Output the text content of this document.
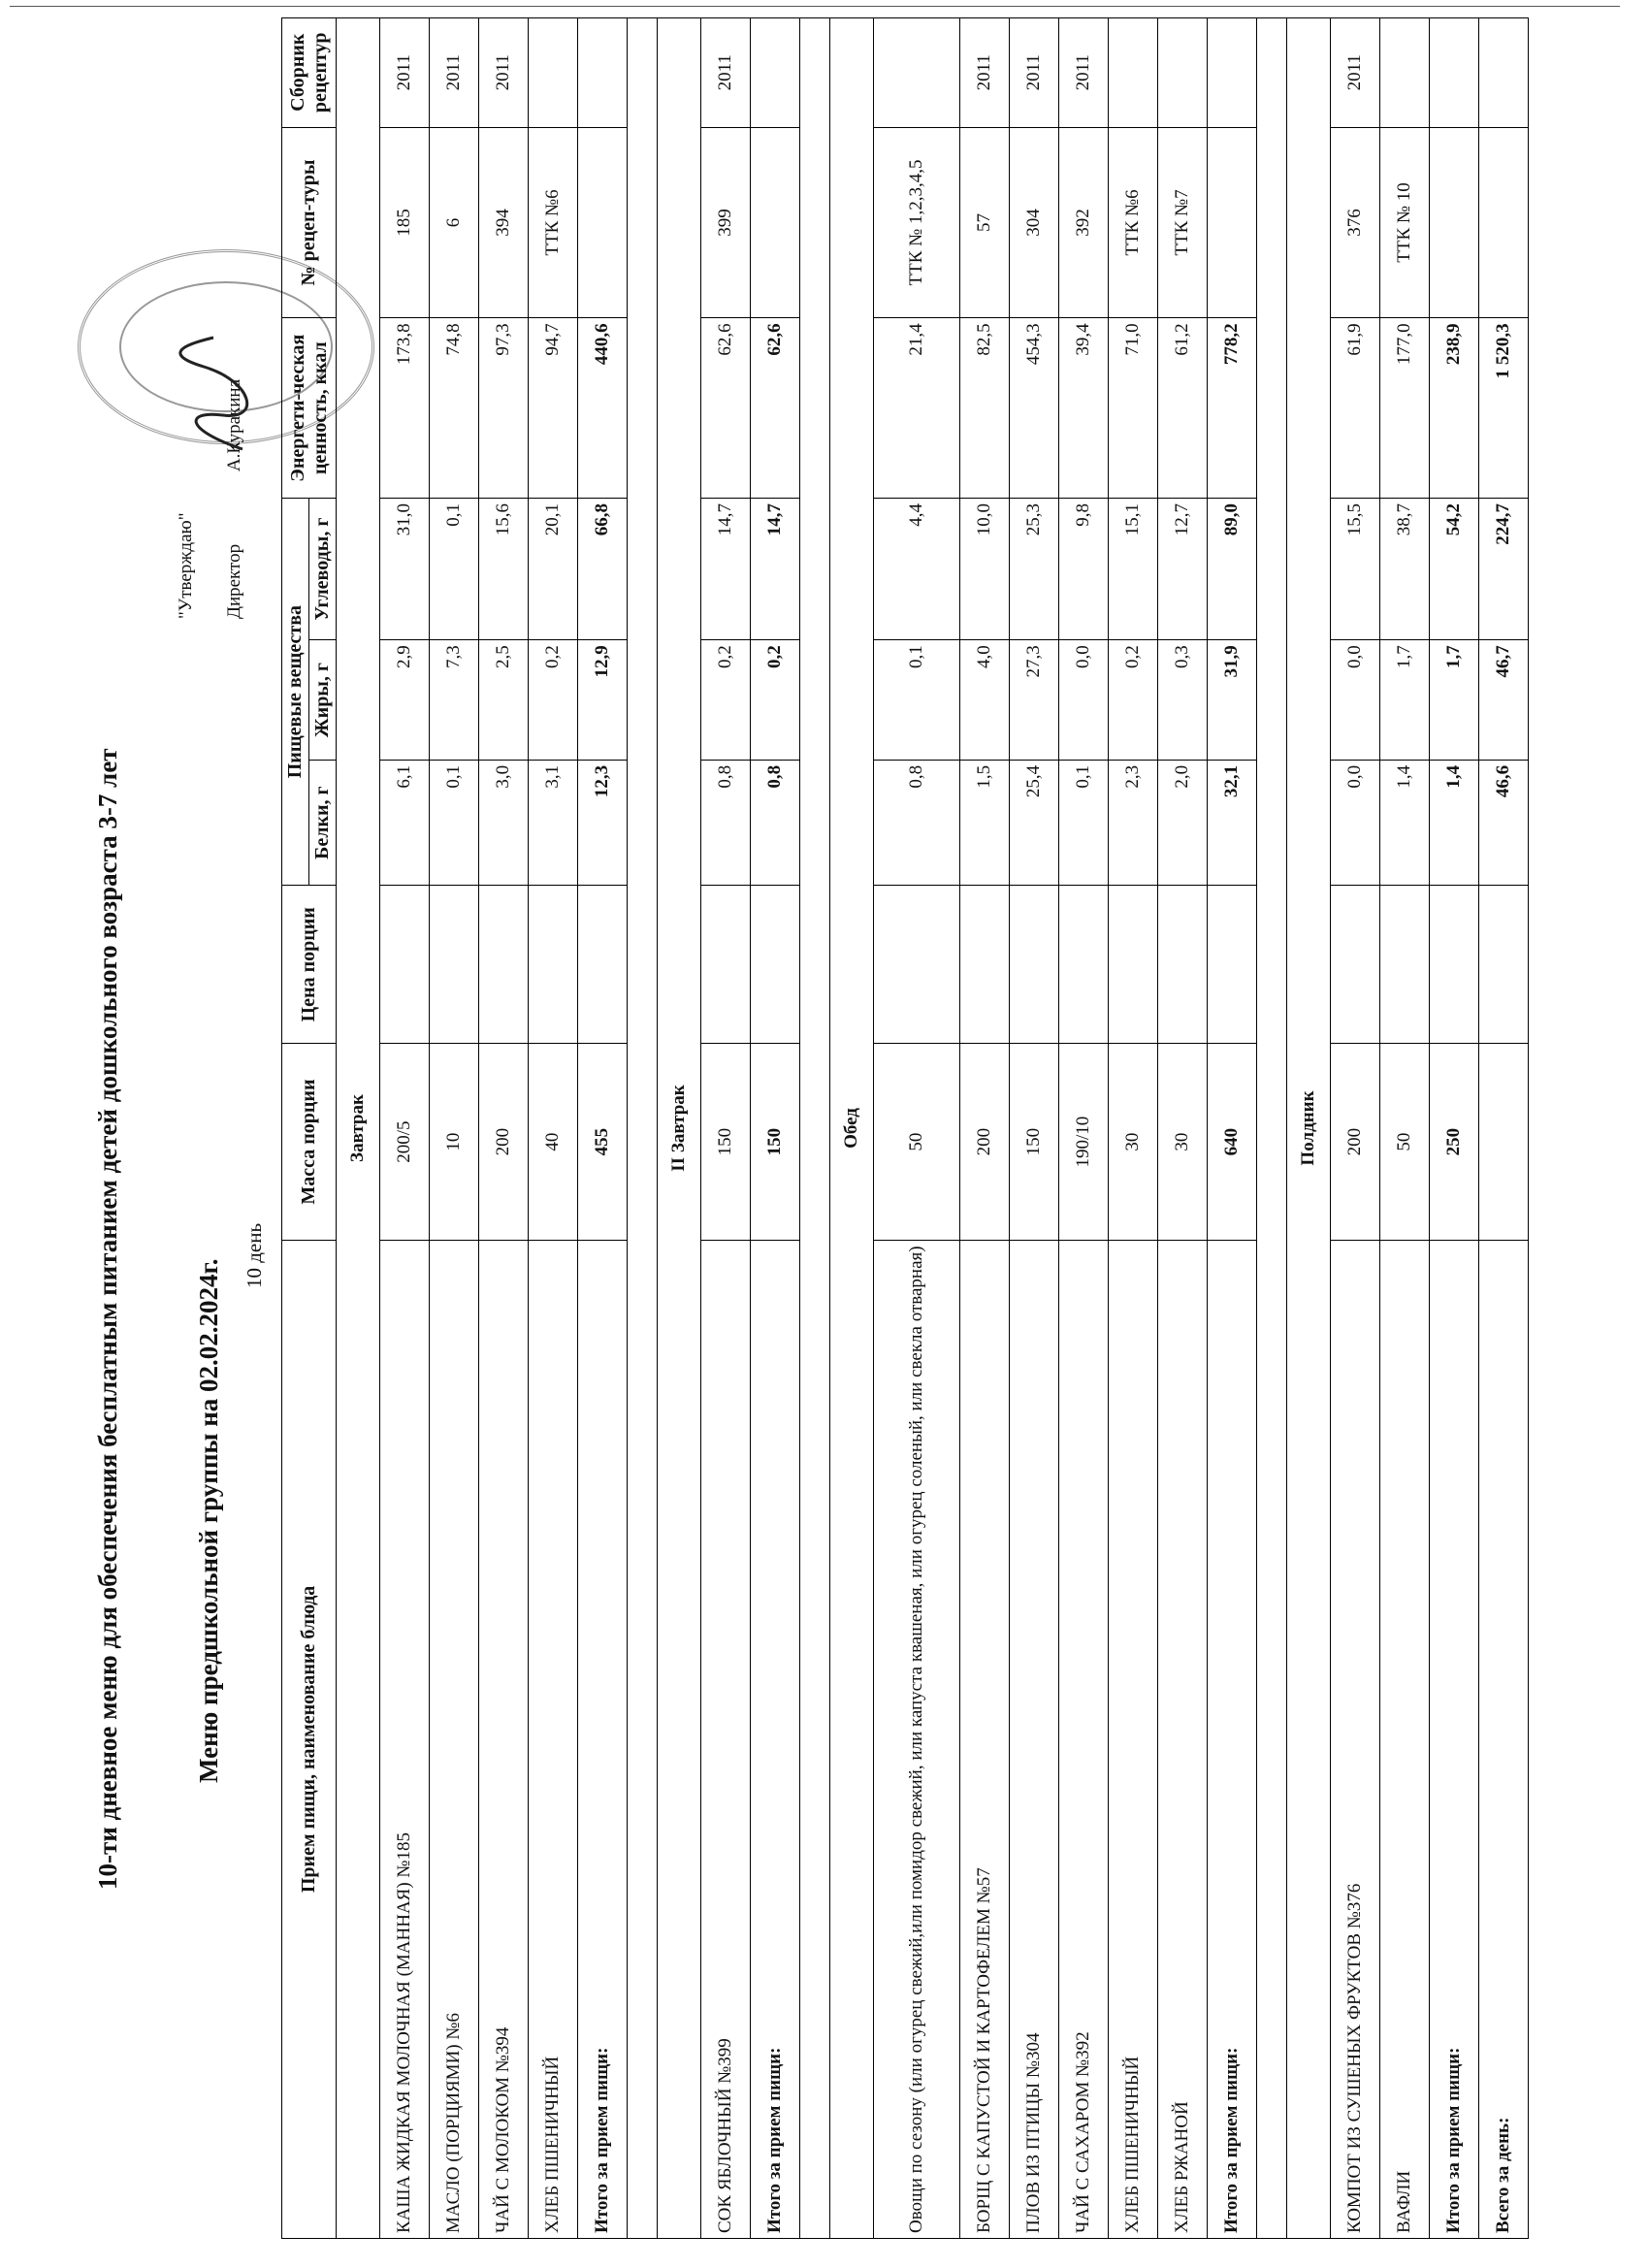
10-ти дневное меню для обеспечения бесплатным питанием детей дошкольного возраста 3-7 лет
"Утверждаю"	Директор А.Куракина
Меню предшкольной группы на 02.02.2024г.
10 день
Прием пищи, наименование блюда	Масса порции	Цена порции	Пищевые вещества			Энергети-ческая ценность, ккал	№ рецеп-туры	Сборник рецептур
			Белки, г	Жиры, г	Углеводы, г			
Завтрак								
КАША ЖИДКАЯ МОЛОЧНАЯ (МАННАЯ) №185	200/5		6,1	2,9	31,0	173,8	185	2011
МАСЛО (ПОРЦИЯМИ) №6	10		0,1	7,3	0,1	74,8	6	2011
ЧАЙ С МОЛОКОМ №394	200		3,0	2,5	15,6	97,3	394	2011
ХЛЕБ ПШЕНИЧНЫЙ	40		3,1	0,2	20,1	94,7	ТТК №6	
Итого за прием пищи:	455		12,3	12,9	66,8	440,6		

II Завтрак								
СОК ЯБЛОЧНЫЙ №399	150		0,8	0,2	14,7	62,6	399	2011
Итого за прием пищи:	150		0,8	0,2	14,7	62,6		

Обед								
Овощи по сезону (или огурец свежий,или помидор свежий, или капуста квашеная, или огурец соленый, или свекла отварная)	50		0,8	0,1	4,4	21,4	ТТК № 1,2,3,4,5	
БОРЩ С КАПУСТОЙ И КАРТОФЕЛЕМ №57	200		1,5	4,0	10,0	82,5	57	2011
ПЛОВ ИЗ ПТИЦЫ №304	150		25,4	27,3	25,3	454,3	304	2011
ЧАЙ С САХАРОМ №392	190/10		0,1	0,0	9,8	39,4	392	2011
ХЛЕБ ПШЕНИЧНЫЙ	30		2,3	0,2	15,1	71,0	ТТК №6	
ХЛЕБ РЖАНОЙ	30		2,0	0,3	12,7	61,2	ТТК №7	
Итого за прием пищи:	640		32,1	31,9	89,0	778,2		

Полдник								
КОМПОТ ИЗ СУШЕНЫХ ФРУКТОВ №376	200		0,0	0,0	15,5	61,9	376	2011
ВАФЛИ	50		1,4	1,7	38,7	177,0	ТТК № 10	
Итого за прием пищи:	250		1,4	1,7	54,2	238,9		
Всего за день:			46,6	46,7	224,7	1 520,3		
